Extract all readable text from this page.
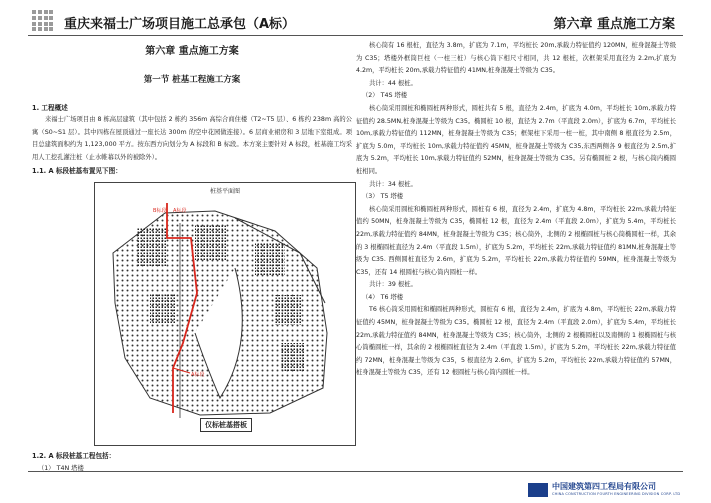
重庆来福士广场项目施工总承包（A标）	第六章 重点施工方案
第六章 重点施工方案
第一节 桩基工程施工方案
1. 工程概述

来福士广场项目由 8 栋高层建筑（其中包括 2 栋约 356m 高综合商住楼（T2~T5 层）、6 栋约 238m 高的公寓（S0~S1 层）。其中四栋在屋顶通过一座长达 300m 的空中花园做连接）。6 层商业裙房和 3 层地下室组成。项目总建筑面积约为 1,123,000 平方。按东西方向划分为 A 标段和 B 标段。本方案主要针对 A 标段，桩基施工均采用人工挖孔灌注桩（止水帷幕以外的被除外）。

1.1. A 标段桩基布置见下图：
桩基平面图
B标段 A标段
A标段
仅标桩基搭板
1.2. A 标段桩基工程包括：

（1） T4N 塔楼

核心筒有 16 根桩，直径为 3.8m，扩底为 7.1m，平均桩长 20m,承载力特征值约 120MN，桩身混凝土等级为 C35；塔楼外框筒巨柱（一柱三桩）与核心筒下相尺寸相同，共 12 根桩，次框架采用直径为 2.2m,扩底为 4.2m，平均桩长 20m,承载力特征值约 41MN,桩身混凝土等级为 C35。

共计：44 根桩。

（2） T4S 塔楼

核心筒采用圆桩和椭圆桩两种形式，圆桩共有 5 根，直径为 2.4m，扩底为 4.0m，平均桩长 10m,承载力特征值约 28.5MN,桩身混凝土等级为 C35。椭圆桩 10 根，直径为 2.7m（平直段 2.0m），扩底为 6.7m，平均桩长 10m,承载力特征值约 112MN，桩身混凝土等级为 C35；框架柱下采用一柱一桩，其中南侧 8 根直径为 2.5m，扩底为 5.0m，平均桩长 10m,承载力特征值约 45MN，桩身混凝土等级为 C35,东西两侧各 9 根直径为 2.5m,扩底为 5.2m，平均桩长 10m,承载力特征值约 52MN，桩身混凝土等级为 C35。另有椭圆桩 2 根，与核心筒内椭圆桩相同。

共计：34 根桩。

（3） T5 塔楼

核心筒采用圆桩和椭圆桩两种形式，圆桩有 6 根，直径为 2.4m，扩底为 4.8m，平均桩长 22m,承载力特征值约 50MN，桩身混凝土等级为 C35，椭圆桩 12 根，直径为 2.4m（平直段 2.0m），扩底为 5.4m，平均桩长 22m,承载力特征值约 84MN，桩身混凝土等级为 C35；核心筒外，北侧的 2 根椭圆桩与核心筒椭圆桩一样，其余的 3 根椭圆桩直径为 2.4m（平直段 1.5m），扩底为 5.2m，平均桩长 22m,承载力特征值约 81MN,桩身混凝土等级为 C35. 西侧圆桩直径为 2.6m，扩底为 5.2m，平均桩长 22m,承载力特征值约 59MN，桩身混凝土等级为 C35，还有 14 根圆桩与核心筒内圆桩一样。

共计：39 根桩。

（4） T6 塔楼

T6 核心筒采用圆桩和椭圆桩两种形式，圆桩有 6 根，直径为 2.4m，扩底为 4.8m，平均桩长 22m,承载力特征值约 45MN，桩身混凝土等级为 C35。椭圆桩 12 根，直径为 2.4m（平直段 2.0m），扩底为 5.4m，平均桩长 22m,承载力特征值约 84MN，桩身混凝土等级为 C35；核心筒外，北侧的 2 根椭圆桩以及南侧的 1 根椭圆桩与核心筒椭圆桩一样，其余的 2 根椭圆桩直径为 2.4m（平直段 1.5m），扩底为 5.2m，平均桩长 22m,承载力特征值约 72MN，桩身混凝土等级为 C35，5 根直径为 2.6m，扩底为 5.2m，平均桩长 22m,承载力特征值约 57MN，桩身混凝土等级为 C35，还有 12 根圆桩与核心筒内圆桩一样。

中国建筑第四工程局有限公司
CHINA CONSTRUCTION FOURTH ENGINEERING DIVISION CORP. LTD
